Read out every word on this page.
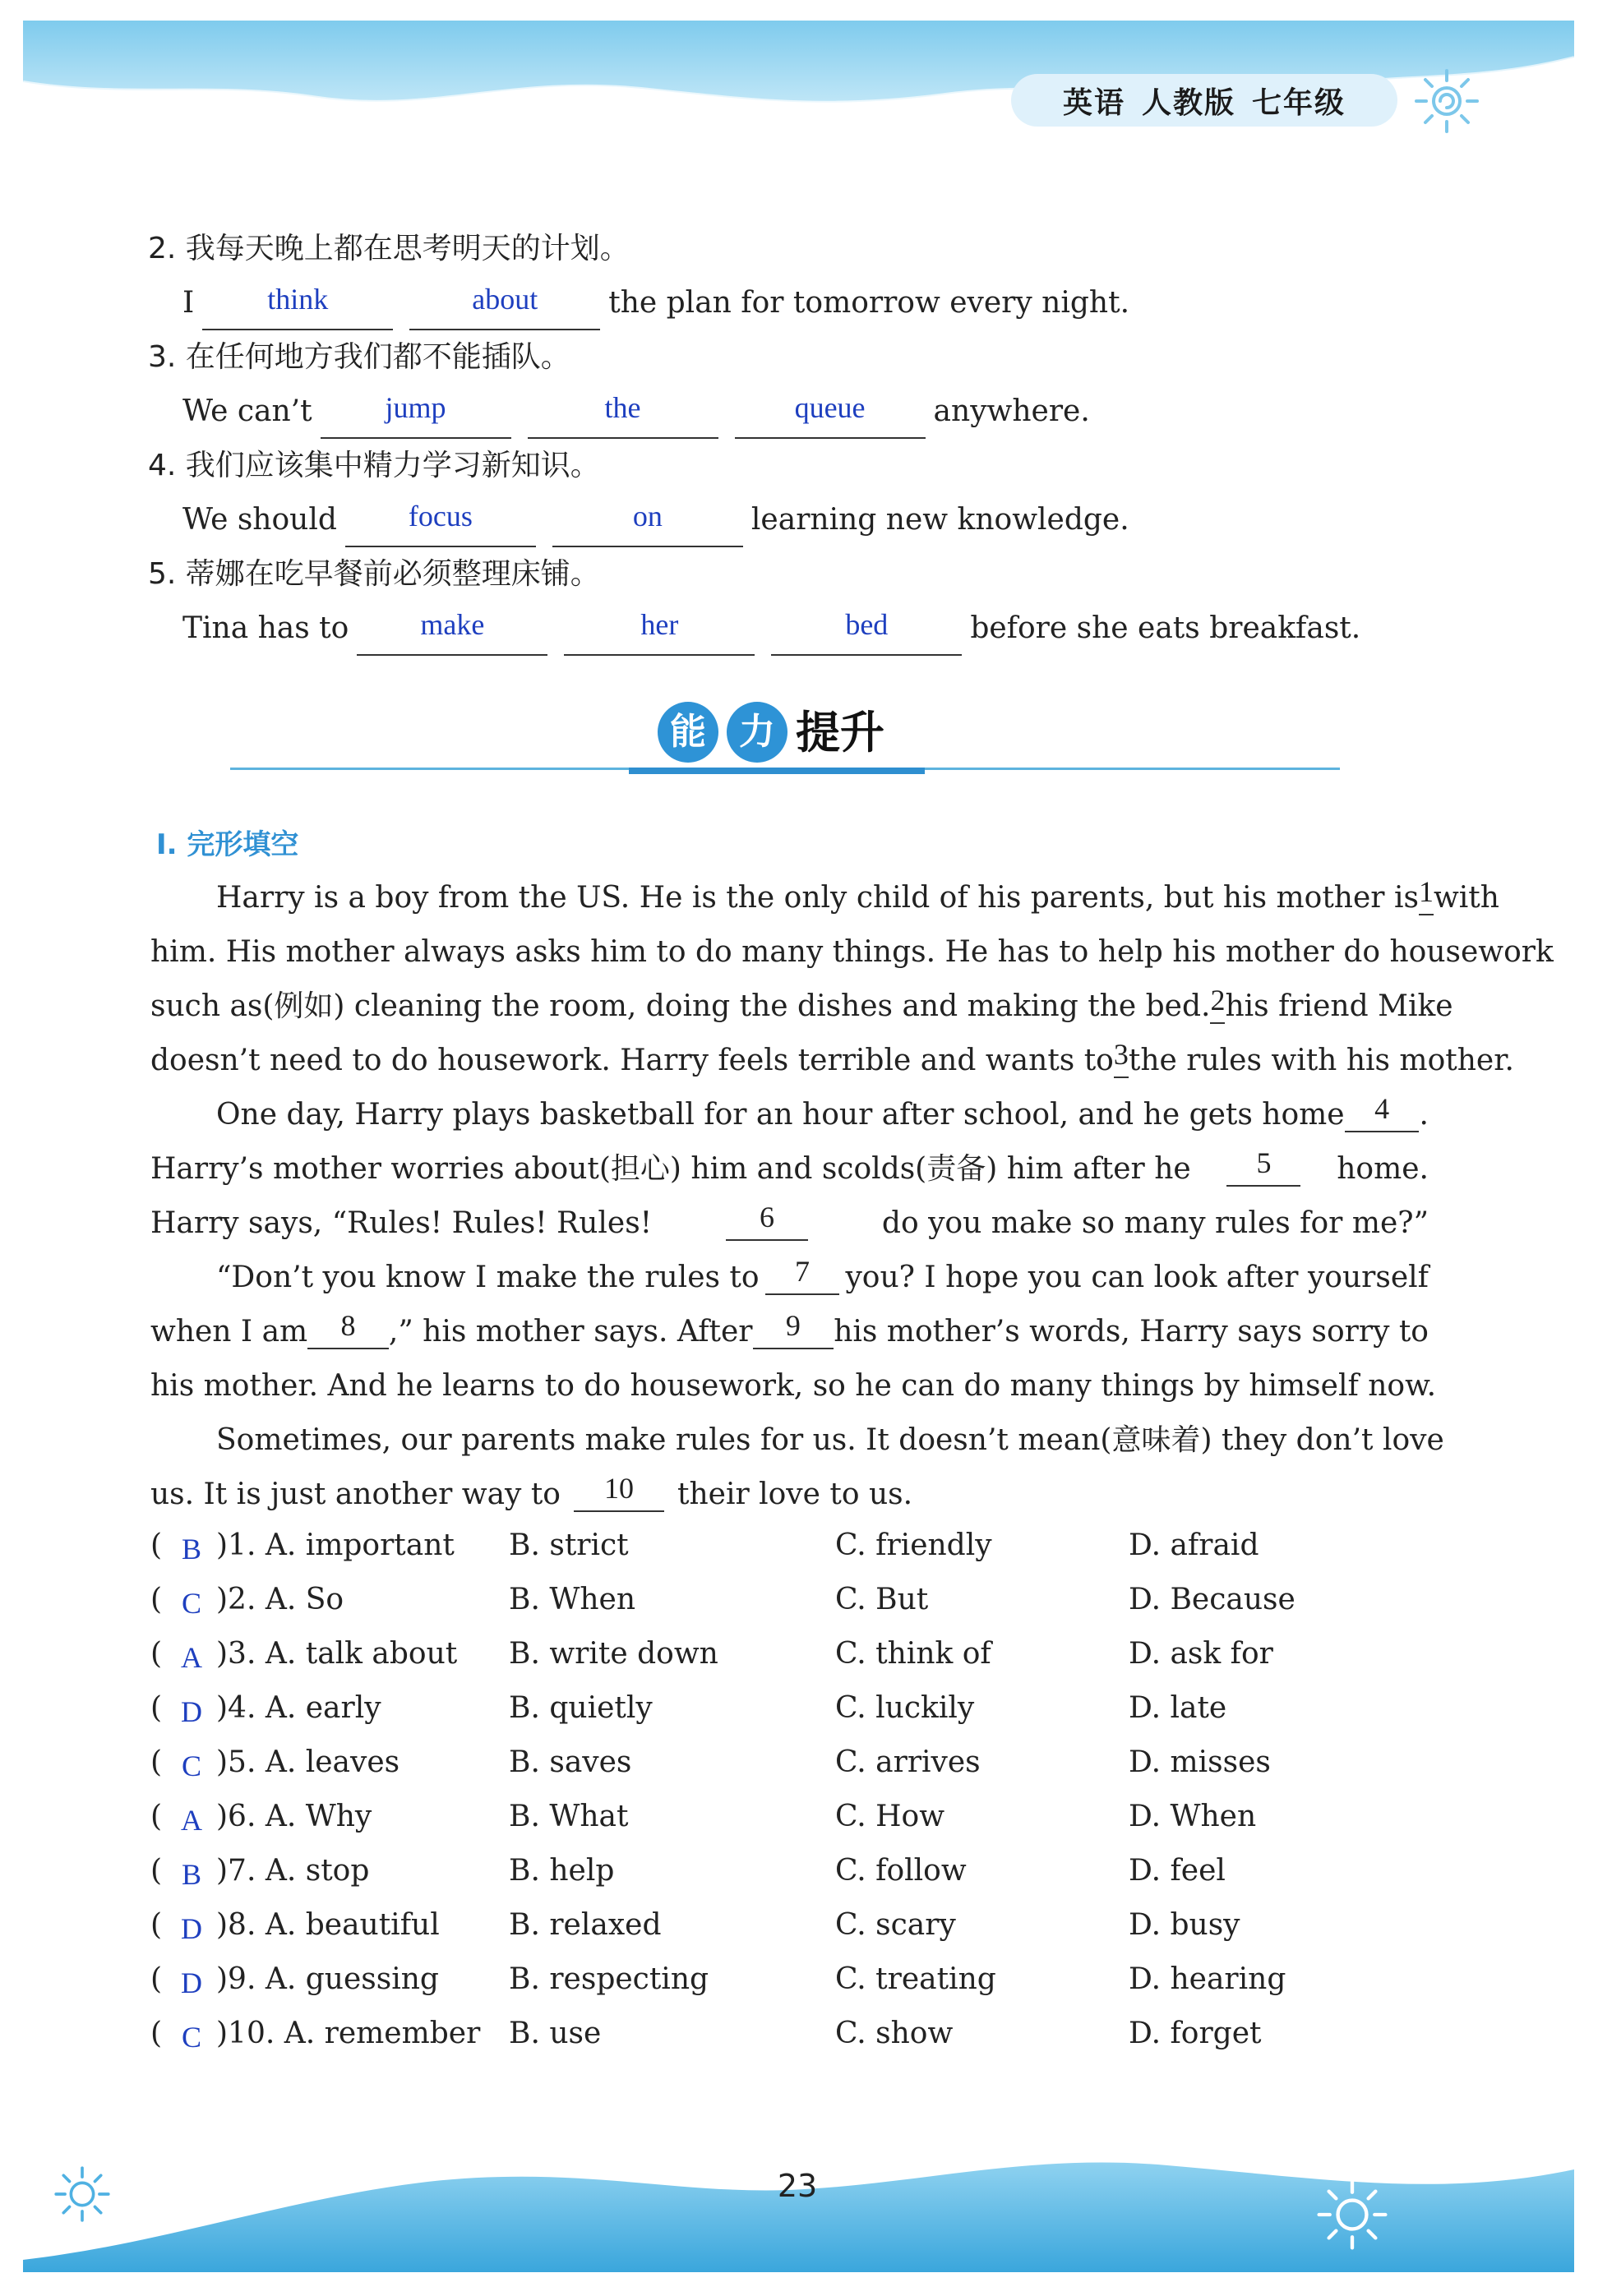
英语 人教版 七年级
2. 我每天晚上都在思考明天的计划。
I	think	about	the plan for tomorrow every night.
3. 在任何地方我们都不能插队。
We can’t	jump	the	queue	anywhere.
4. 我们应该集中精力学习新知识。
We should	focus	on	learning new knowledge.
5. 蒂娜在吃早餐前必须整理床铺。
Tina has to	make	her	bed	before she eats breakfast.
能 力 提升
Ⅰ. 完形填空
Harry is a boy from the US. He is the only child of his parents, but his mother is 1 with
him. His mother always asks him to do many things. He has to help his mother do housework
such as(例如) cleaning the room, doing the dishes and making the bed. 2 his friend Mike
doesn’t need to do housework. Harry feels terrible and wants to 3 the rules with his mother.
One day, Harry plays basketball for an hour after school, and he gets home	4	.
Harry’s mother worries about(担心) him and scolds(责备) him after he	5	home.
Harry says, “Rules! Rules! Rules!	6	do you make so many rules for me?”
“Don’t you know I make the rules to	7	you? I hope you can look after yourself
when I am	8	,” his mother says. After	9	his mother’s words, Harry says sorry to
his mother. And he learns to do housework, so he can do many things by himself now.
Sometimes, our parents make rules for us. It doesn’t mean(意味着) they don’t love
us. It is just another way to	10	their love to us.
( B )1. A. important B. strict	C. friendly	D. afraid
( C )2. A. So	B. When	C. But	D. Because
( A )3. A. talk about B. write down	C. think of	D. ask for
( D )4. A. early	B. quietly	C. luckily	D. late
( C )5. A. leaves	B. saves	C. arrives	D. misses
( A )6. A. Why	B. What	C. How	D. When
( B )7. A. stop	B. help	C. follow	D. feel
( D )8. A. beautiful B. relaxed	C. scary	D. busy
( D )9. A. guessing B. respecting	C. treating	D. hearing
( C )10. A. remember B. use	C. show	D. forget
23
